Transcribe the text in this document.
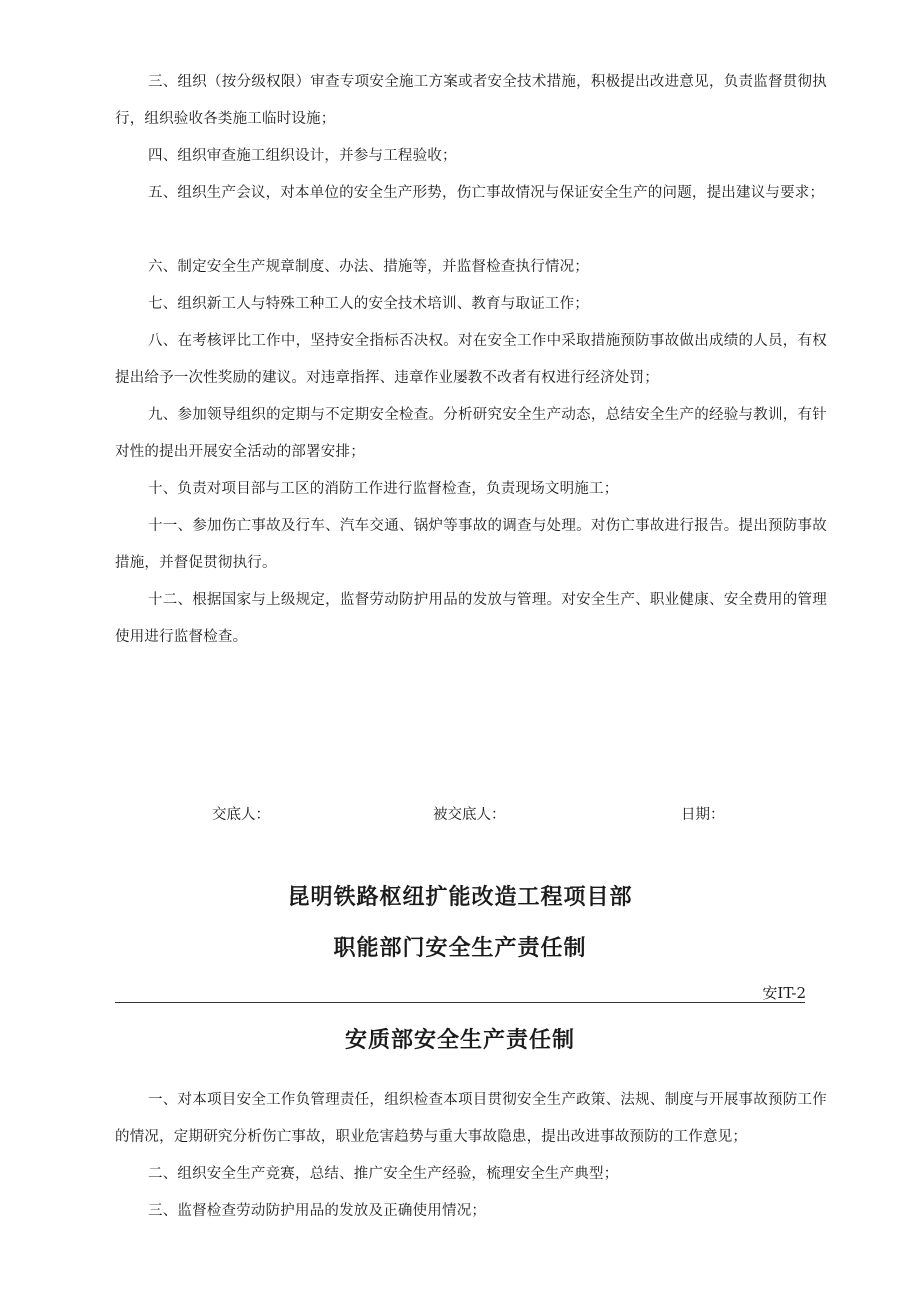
三、组织（按分级权限）审查专项安全施工方案或者安全技术措施，积极提出改进意见，负责监督贯彻执行，组织验收各类施工临时设施；

四、组织审查施工组织设计，并参与工程验收；

五、组织生产会议，对本单位的安全生产形势，伤亡事故情况与保证安全生产的问题，提出建议与要求；

六、制定安全生产规章制度、办法、措施等，并监督检查执行情况；

七、组织新工人与特殊工种工人的安全技术培训、教育与取证工作；

八、在考核评比工作中，坚持安全指标否决权。对在安全工作中采取措施预防事故做出成绩的人员，有权提出给予一次性奖励的建议。对违章指挥、违章作业屡教不改者有权进行经济处罚；

九、参加领导组织的定期与不定期安全检查。分析研究安全生产动态，总结安全生产的经验与教训，有针对性的提出开展安全活动的部署安排；

十、负责对项目部与工区的消防工作进行监督检查，负责现场文明施工；

十一、参加伤亡事故及行车、汽车交通、锅炉等事故的调查与处理。对伤亡事故进行报告。提出预防事故措施，并督促贯彻执行。

十二、根据国家与上级规定，监督劳动防护用品的发放与管理。对安全生产、职业健康、安全费用的管理使用进行监督检查。

交底人：	被交底人：	日期：
昆明铁路枢纽扩能改造工程项目部
职能部门安全生产责任制
安IT-2
安质部安全生产责任制

一、对本项目安全工作负管理责任，组织检查本项目贯彻安全生产政策、法规、制度与开展事故预防工作的情况，定期研究分析伤亡事故，职业危害趋势与重大事故隐患，提出改进事故预防的工作意见；

二、组织安全生产竞赛，总结、推广安全生产经验，梳理安全生产典型；

三、监督检查劳动防护用品的发放及正确使用情况；
